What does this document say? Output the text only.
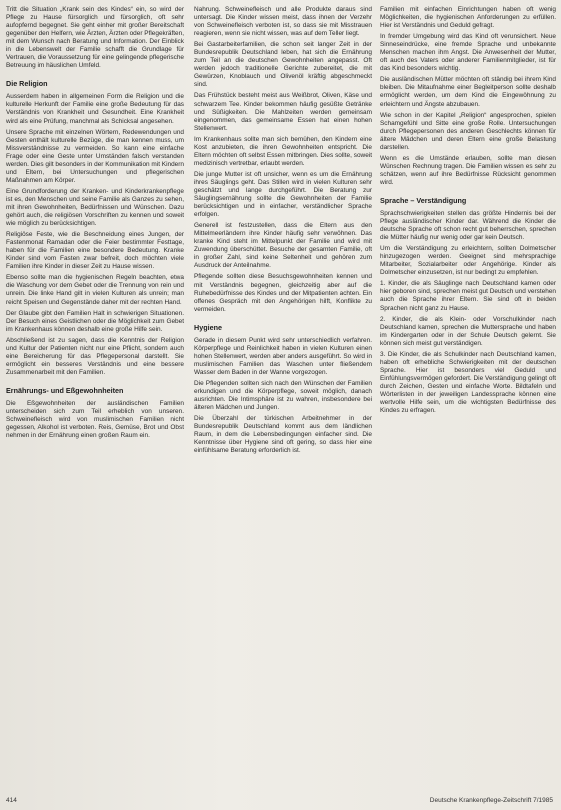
Tritt die Situation „Krank sein des Kindes“ ein, so wird der Pflege zu Hause fürsorglich und fürsorglich, oft sehr aufopfernd begegnet. Sie geht einher mit großer Bereitschaft gegenüber den Helfern, wie Ärzten, Ärzten oder Pflegekräften, mit dem Wunsch nach Beratung und Information. Der Einblick in die Lebenswelt der Familie schafft die Grundlage für Vertrauen, die Voraussetzung für eine gelingende pflegerische Betreuung im häuslichen Umfeld.

Die Religion

Ausserdem haben in allgemeinen Form die Religion und die kulturelle Herkunft der Familie eine große Bedeutung für das Verständnis von Krankheit und Gesundheit. Eine Krankheit wird als eine Prüfung, manchmal als Schicksal angesehen.

Unsere Sprache mit einzelnen Wörtern, Redewendungen und Gesten enthält kulturelle Bezüge, die man kennen muss, um Missverständnisse zu vermeiden. So kann eine einfache Frage oder eine Geste unter Umständen falsch verstanden werden. Dies gilt besonders in der Kommunikation mit Kindern und Eltern, bei Untersuchungen und pflegerischen Maßnahmen am Körper.

Eine Grundforderung der Kranken- und Kinderkrankenpflege ist es, den Menschen und seine Familie als Ganzes zu sehen, mit ihren Gewohnheiten, Bedürfnissen und Wünschen. Dazu gehört auch, die religiösen Vorschriften zu kennen und soweit wie möglich zu berücksichtigen.

Religiöse Feste, wie die Beschneidung eines Jungen, der Fastenmonat Ramadan oder die Feier bestimmter Festtage, haben für die Familien eine besondere Bedeutung. Kranke Kinder sind vom Fasten zwar befreit, doch möchten viele Familien ihre Kinder in dieser Zeit zu Hause wissen.

Ebenso sollte man die hygienischen Regeln beachten, etwa die Waschung vor dem Gebet oder die Trennung von rein und unrein. Die linke Hand gilt in vielen Kulturen als unrein; man reicht Speisen und Gegenstände daher mit der rechten Hand.

Der Glaube gibt den Familien Halt in schwierigen Situationen. Der Besuch eines Geistlichen oder die Möglichkeit zum Gebet im Krankenhaus können deshalb eine große Hilfe sein.

Abschließend ist zu sagen, dass die Kenntnis der Religion und Kultur der Patienten nicht nur eine Pflicht, sondern auch eine Bereicherung für das Pflegepersonal darstellt. Sie ermöglicht ein besseres Verständnis und eine bessere Zusammenarbeit mit den Familien.

Ernährungs- und Eßgewohnheiten

Die Eßgewohnheiten der ausländischen Familien unterscheiden sich zum Teil erheblich von unseren. Schweinefleisch wird von muslimischen Familien nicht gegessen, Alkohol ist verboten. Reis, Gemüse, Brot und Obst nehmen in der Ernährung einen großen Raum ein.

Nahrung. Schweinefleisch und alle Produkte daraus sind untersagt. Die Kinder wissen meist, dass ihnen der Verzehr von Schweinefleisch verboten ist, so dass sie mit Misstrauen reagieren, wenn sie nicht wissen, was auf dem Teller liegt.

Bei Gastarbeiterfamilien, die schon seit langer Zeit in der Bundesrepublik Deutschland leben, hat sich die Ernährung zum Teil an die deutschen Gewohnheiten angepasst. Oft werden jedoch traditionelle Gerichte zubereitet, die mit Gewürzen, Knoblauch und Olivenöl kräftig abgeschmeckt sind.

Das Frühstück besteht meist aus Weißbrot, Oliven, Käse und schwarzem Tee. Kinder bekommen häufig gesüßte Getränke und Süßigkeiten. Die Mahlzeiten werden gemeinsam eingenommen, das gemeinsame Essen hat einen hohen Stellenwert.

Im Krankenhaus sollte man sich bemühen, den Kindern eine Kost anzubieten, die ihren Gewohnheiten entspricht. Die Eltern möchten oft selbst Essen mitbringen. Dies sollte, soweit medizinisch vertretbar, erlaubt werden.

Die junge Mutter ist oft unsicher, wenn es um die Ernährung ihres Säuglings geht. Das Stillen wird in vielen Kulturen sehr geschätzt und lange durchgeführt. Die Beratung zur Säuglingsernährung sollte die Gewohnheiten der Familie berücksichtigen und in einfacher, verständlicher Sprache erfolgen.

Generell ist festzustellen, dass die Eltern aus den Mittelmeerländern ihre Kinder häufig sehr verwöhnen. Das kranke Kind steht im Mittelpunkt der Familie und wird mit Zuwendung überschüttet. Besuche der gesamten Familie, oft in großer Zahl, sind keine Seltenheit und gehören zum Ausdruck der Anteilnahme.

Pflegende sollten diese Besuchsgewohnheiten kennen und mit Verständnis begegnen, gleichzeitig aber auf die Ruhebedürfnisse des Kindes und der Mitpatienten achten. Ein offenes Gespräch mit den Angehörigen hilft, Konflikte zu vermeiden.

Hygiene

Gerade in diesem Punkt wird sehr unterschiedlich verfahren. Körperpflege und Reinlichkeit haben in vielen Kulturen einen hohen Stellenwert, werden aber anders ausgeführt. So wird in muslimischen Familien das Waschen unter fließendem Wasser dem Baden in der Wanne vorgezogen.

Die Pflegenden sollten sich nach den Wünschen der Familien erkundigen und die Körperpflege, soweit möglich, danach ausrichten. Die Intimsphäre ist zu wahren, insbesondere bei älteren Mädchen und Jungen.

Die Überzahl der türkischen Arbeitnehmer in der Bundesrepublik Deutschland kommt aus dem ländlichen Raum, in dem die Lebensbedingungen einfacher sind. Die Kenntnisse über Hygiene sind oft gering, so dass hier eine einfühlsame Beratung erforderlich ist.

Familien mit einfachen Einrichtungen haben oft wenig Möglichkeiten, die hygienischen Anforderungen zu erfüllen. Hier ist Verständnis und Geduld gefragt.

In fremder Umgebung wird das Kind oft verunsichert. Neue Sinneseindrücke, eine fremde Sprache und unbekannte Menschen machen ihm Angst. Die Anwesenheit der Mutter, oft auch des Vaters oder anderer Familienmitglieder, ist für das Kind besonders wichtig.

Die ausländischen Mütter möchten oft ständig bei ihrem Kind bleiben. Die Mitaufnahme einer Begleitperson sollte deshalb ermöglicht werden, um dem Kind die Eingewöhnung zu erleichtern und Ängste abzubauen.

Wie schon in der Kapitel „Religion“ angesprochen, spielen Schamgefühl und Sitte eine große Rolle. Untersuchungen durch Pflegepersonen des anderen Geschlechts können für ältere Mädchen und deren Eltern eine große Belastung darstellen.

Wenn es die Umstände erlauben, sollte man diesen Wünschen Rechnung tragen. Die Familien wissen es sehr zu schätzen, wenn auf ihre Bedürfnisse Rücksicht genommen wird.

Sprache – Verständigung

Sprachschwierigkeiten stellen das größte Hindernis bei der Pflege ausländischer Kinder dar. Während die Kinder die deutsche Sprache oft schon recht gut beherrschen, sprechen die Mütter häufig nur wenig oder gar kein Deutsch.

Um die Verständigung zu erleichtern, sollten Dolmetscher hinzugezogen werden. Geeignet sind mehrsprachige Mitarbeiter, Sozialarbeiter oder Angehörige. Kinder als Dolmetscher einzusetzen, ist nur bedingt zu empfehlen.

1. Kinder, die als Säuglinge nach Deutschland kamen oder hier geboren sind, sprechen meist gut Deutsch und verstehen auch die Sprache ihrer Eltern. Sie sind oft in beiden Sprachen nicht ganz zu Hause.

2. Kinder, die als Klein- oder Vorschulkinder nach Deutschland kamen, sprechen die Muttersprache und haben im Kindergarten oder in der Schule Deutsch gelernt. Sie können sich meist gut verständigen.

3. Die Kinder, die als Schulkinder nach Deutschland kamen, haben oft erhebliche Schwierigkeiten mit der deutschen Sprache. Hier ist besonders viel Geduld und Einfühlungsvermögen gefordert. Die Verständigung gelingt oft durch Zeichen, Gesten und einfache Worte. Bildtafeln und Wörterlisten in der jeweiligen Landessprache können eine wertvolle Hilfe sein, um die wichtigsten Bedürfnisse des Kindes zu erfragen.

414	Deutsche Krankenpflege-Zeitschrift 7/1985
